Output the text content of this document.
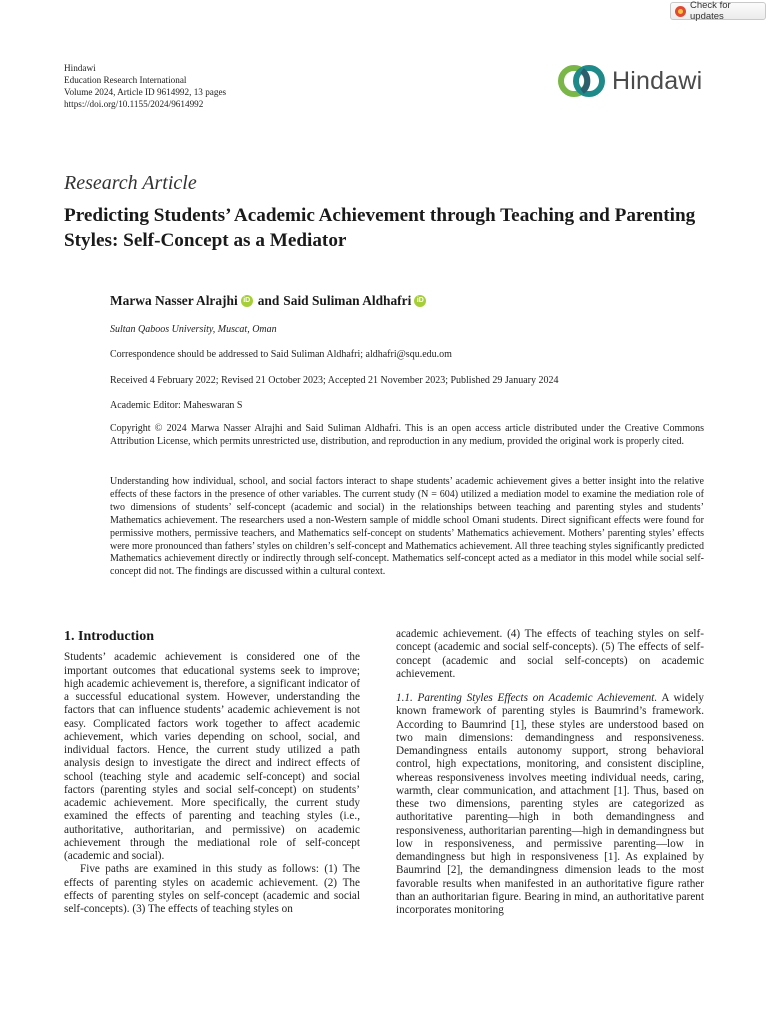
Check for updates
Hindawi
Education Research International
Volume 2024, Article ID 9614992, 13 pages
https://doi.org/10.1155/2024/9614992
Hindawi
Research Article
Predicting Students’ Academic Achievement through Teaching and Parenting Styles: Self-Concept as a Mediator
Marwa Nasser Alrajhi iD and Said Suliman Aldhafri iD
Sultan Qaboos University, Muscat, Oman
Correspondence should be addressed to Said Suliman Aldhafri; aldhafri@squ.edu.om
Received 4 February 2022; Revised 21 October 2023; Accepted 21 November 2023; Published 29 January 2024
Academic Editor: Maheswaran S
Copyright © 2024 Marwa Nasser Alrajhi and Said Suliman Aldhafri. This is an open access article distributed under the Creative Commons Attribution License, which permits unrestricted use, distribution, and reproduction in any medium, provided the original work is properly cited.
Understanding how individual, school, and social factors interact to shape students’ academic achievement gives a better insight into the relative effects of these factors in the presence of other variables. The current study (N = 604) utilized a mediation model to examine the mediation role of two dimensions of students’ self-concept (academic and social) in the relationships between teaching and parenting styles and students’ Mathematics achievement. The researchers used a non-Western sample of middle school Omani students. Direct significant effects were found for permissive mothers, permissive teachers, and Mathematics self-concept on students’ Mathematics achievement. Mothers’ parenting styles’ effects were more pronounced than fathers’ styles on children’s self-concept and Mathematics achievement. All three teaching styles significantly predicted Mathematics achievement directly or indirectly through self-concept. Mathematics self-concept acted as a mediator in this model while social self-concept did not. The findings are discussed within a cultural context.
1. Introduction

Students’ academic achievement is considered one of the important outcomes that educational systems seek to improve; high academic achievement is, therefore, a significant indicator of a successful educational system. However, understanding the factors that can influence students’ academic achievement is not easy. Complicated factors work together to affect academic achievement, which varies depending on school, social, and individual factors. Hence, the current study utilized a path analysis design to investigate the direct and indirect effects of school (teaching style and academic self-concept) and social factors (parenting styles and social self-concept) on students’ academic achievement. More specifically, the current study examined the effects of parenting and teaching styles (i.e., authoritative, authoritarian, and permissive) on academic achievement through the mediational role of self-concept (academic and social).

Five paths are examined in this study as follows: (1) The effects of parenting styles on academic achievement. (2) The effects of parenting styles on self-concept (academic and social self-concepts). (3) The effects of teaching styles on

academic achievement. (4) The effects of teaching styles on self-concept (academic and social self-concepts). (5) The effects of self-concept (academic and social self-concepts) on academic achievement.

1.1. Parenting Styles Effects on Academic Achievement. A widely known framework of parenting styles is Baumrind’s framework. According to Baumrind [1], these styles are understood based on two main dimensions: demandingness and responsiveness. Demandingness entails autonomy support, strong behavioral control, high expectations, monitoring, and consistent discipline, whereas responsiveness involves meeting individual needs, caring, warmth, clear communication, and attachment [1]. Thus, based on these two dimensions, parenting styles are categorized as authoritative parenting—high in both demandingness and responsiveness, authoritarian parenting—high in demandingness but low in responsiveness, and permissive parenting—low in demandingness but high in responsiveness [1]. As explained by Baumrind [2], the demandingness dimension leads to the most favorable results when manifested in an authoritative figure rather than an authoritarian figure. Bearing in mind, an authoritative parent incorporates monitoring
